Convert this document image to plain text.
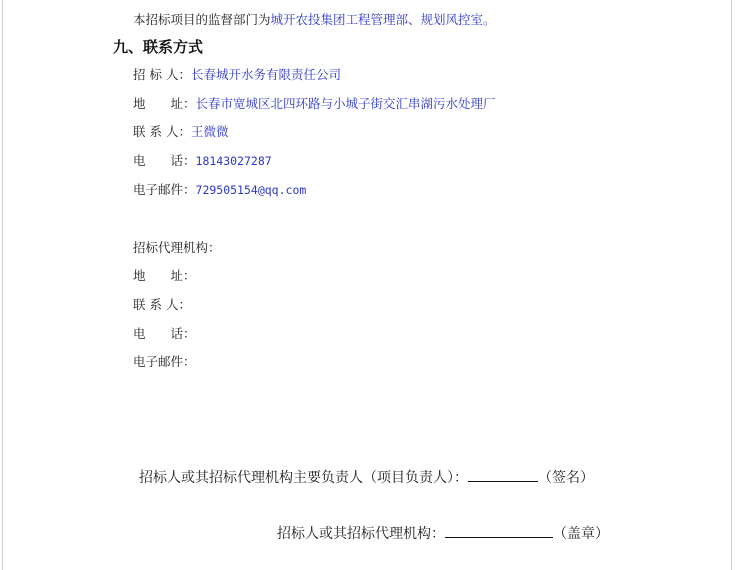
本招标项目的监督部门为城开农投集团工程管理部、规划风控室。
九、联系方式
招 标 人：长春城开水务有限责任公司
地　　址：长春市宽城区北四环路与小城子街交汇串湖污水处理厂
联 系 人：王微微
电　　话：18143027287
电子邮件：729505154@qq.com
招标代理机构：
地　　址：
联 系 人：
电　　话：
电子邮件：
招标人或其招标代理机构主要负责人（项目负责人）：	（签名）
招标人或其招标代理机构：	（盖章）
